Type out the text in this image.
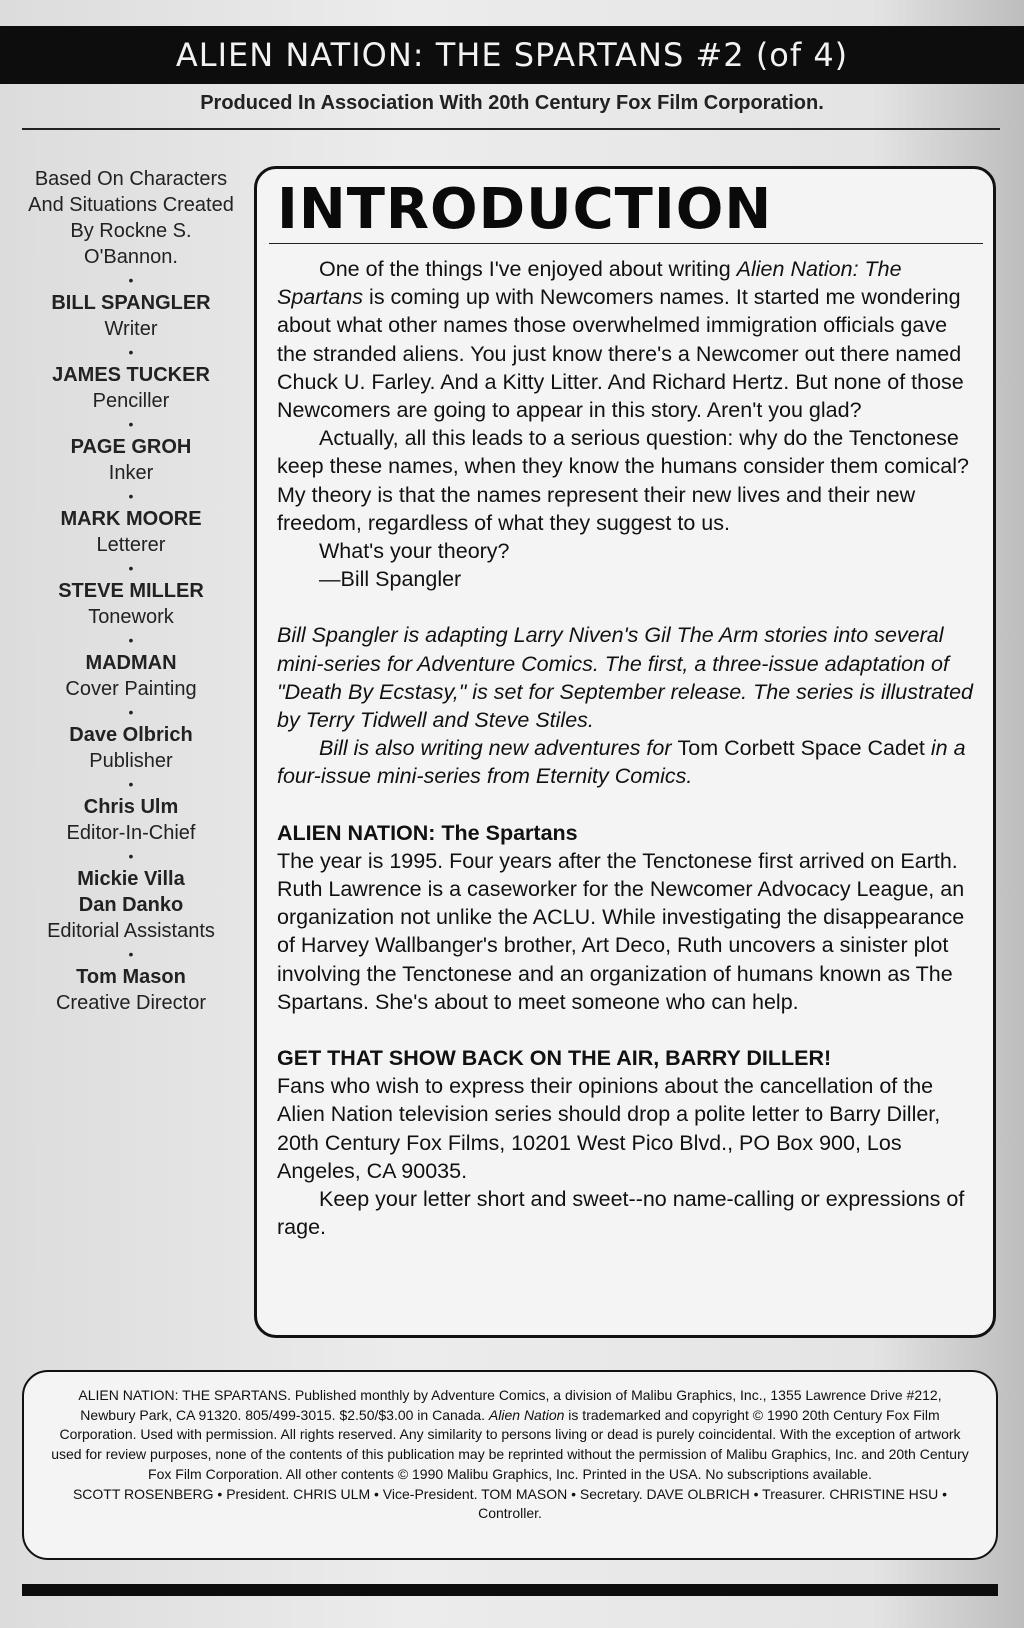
ALIEN NATION: THE SPARTANS #2 (of 4)
Produced In Association With 20th Century Fox Film Corporation.

Based On Characters And Situations Created By Rockne S. O'Bannon.

•
BILL SPANGLER
Writer
•
JAMES TUCKER
Penciller
•
PAGE GROH
Inker
•
MARK MOORE
Letterer
•
STEVE MILLER
Tonework
•
MADMAN
Cover Painting
•
Dave Olbrich
Publisher
•
Chris Ulm
Editor-In-Chief
•
Mickie Villa
Dan Danko
Editorial Assistants
•
Tom Mason
Creative Director
INTRODUCTION

One of the things I've enjoyed about writing Alien Nation: The Spartans is coming up with Newcomers names. It started me wondering about what other names those overwhelmed immigration officials gave the stranded aliens. You just know there's a Newcomer out there named Chuck U. Farley. And a Kitty Litter. And Richard Hertz. But none of those Newcomers are going to appear in this story. Aren't you glad?

Actually, all this leads to a serious question: why do the Tenctonese keep these names, when they know the humans consider them comical? My theory is that the names represent their new lives and their new freedom, regardless of what they suggest to us.

What's your theory?

—Bill Spangler

Bill Spangler is adapting Larry Niven's Gil The Arm stories into several mini-series for Adventure Comics. The first, a three-issue adaptation of "Death By Ecstasy," is set for September release. The series is illustrated by Terry Tidwell and Steve Stiles.

Bill is also writing new adventures for Tom Corbett Space Cadet in a four-issue mini-series from Eternity Comics.

ALIEN NATION: The Spartans

The year is 1995. Four years after the Tenctonese first arrived on Earth. Ruth Lawrence is a caseworker for the Newcomer Advocacy League, an organization not unlike the ACLU. While investigating the disappearance of Harvey Wallbanger's brother, Art Deco, Ruth uncovers a sinister plot involving the Tenctonese and an organization of humans known as The Spartans. She's about to meet someone who can help.

GET THAT SHOW BACK ON THE AIR, BARRY DILLER!

Fans who wish to express their opinions about the cancellation of the Alien Nation television series should drop a polite letter to Barry Diller, 20th Century Fox Films, 10201 West Pico Blvd., PO Box 900, Los Angeles, CA 90035.

Keep your letter short and sweet--no name-calling or expressions of rage.

ALIEN NATION: THE SPARTANS. Published monthly by Adventure Comics, a division of Malibu Graphics, Inc., 1355 Lawrence Drive #212, Newbury Park, CA 91320. 805/499-3015. $2.50/$3.00 in Canada. Alien Nation is trademarked and copyright © 1990 20th Century Fox Film Corporation. Used with permission. All rights reserved. Any similarity to persons living or dead is purely coincidental. With the exception of artwork used for review purposes, none of the contents of this publication may be reprinted without the permission of Malibu Graphics, Inc. and 20th Century Fox Film Corporation. All other contents © 1990 Malibu Graphics, Inc. Printed in the USA. No subscriptions available.

SCOTT ROSENBERG • President. CHRIS ULM • Vice-President. TOM MASON • Secretary. DAVE OLBRICH • Treasurer. CHRISTINE HSU • Controller.
